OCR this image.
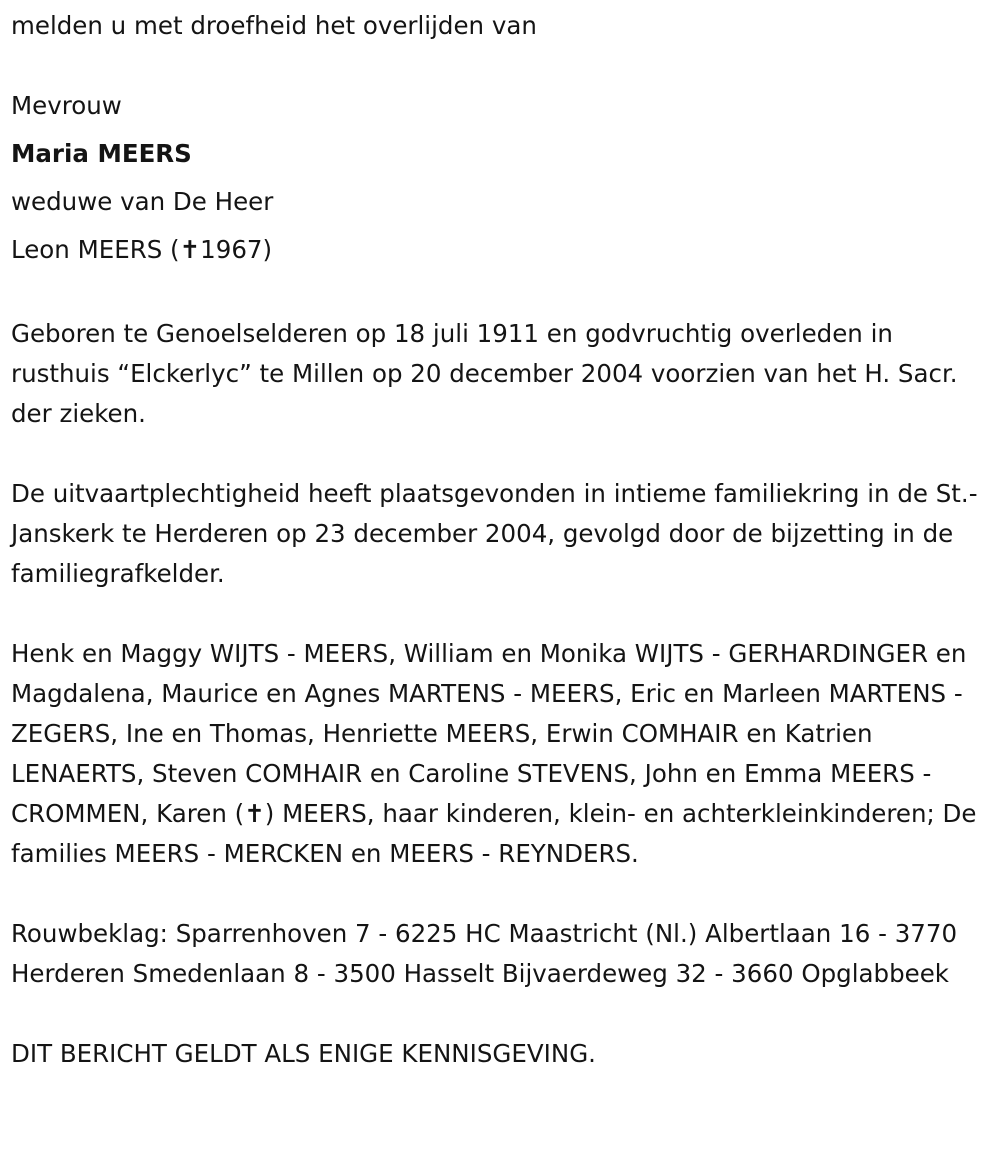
melden u met droefheid het overlijden van

Mevrouw

Maria MEERS

weduwe van De Heer

Leon MEERS (✝1967)

Geboren te Genoelselderen op 18 juli 1911 en godvruchtig overleden in rusthuis “Elckerlyc” te Millen op 20 december 2004 voorzien van het H. Sacr. der zieken.

De uitvaartplechtigheid heeft plaatsgevonden in intieme familiekring in de St.-Janskerk te Herderen op 23 december 2004, gevolgd door de bijzetting in de familiegrafkelder.

Henk en Maggy WIJTS - MEERS, William en Monika WIJTS - GERHARDINGER en Magdalena, Maurice en Agnes MARTENS - MEERS, Eric en Marleen MARTENS - ZEGERS, Ine en Thomas, Henriette MEERS, Erwin COMHAIR en Katrien LENAERTS, Steven COMHAIR en Caroline STEVENS, John en Emma MEERS - CROMMEN, Karen (✝) MEERS, haar kinderen, klein- en achterkleinkinderen; De families MEERS - MERCKEN en MEERS - REYNDERS.

Rouwbeklag: Sparrenhoven 7 - 6225 HC Maastricht (Nl.) Albertlaan 16 - 3770 Herderen Smedenlaan 8 - 3500 Hasselt Bijvaerdeweg 32 - 3660 Opglabbeek

DIT BERICHT GELDT ALS ENIGE KENNISGEVING.
